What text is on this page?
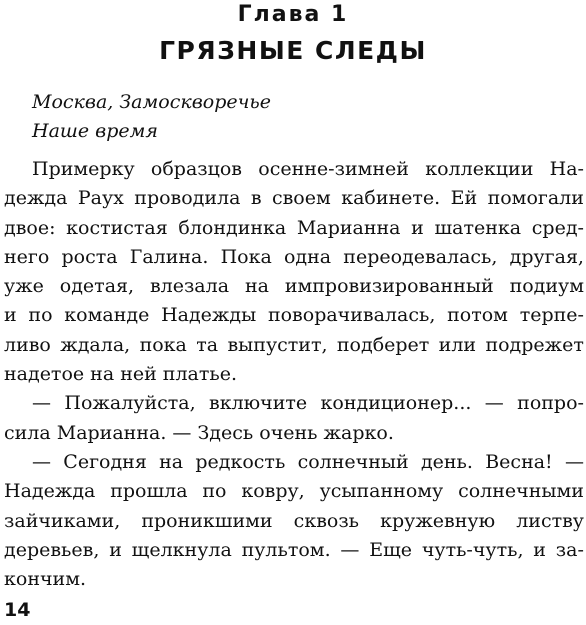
Глава 1
ГРЯЗНЫЕ СЛЕДЫ
Москва, Замоскворечье
Наше время
Примерку образцов осенне-зимней коллекции На-
дежда Раух проводила в своем кабинете. Ей помогали
двое: костистая блондинка Марианна и шатенка сред-
него роста Галина. Пока одна переодевалась, другая,
уже одетая, влезала на импровизированный подиум
и по команде Надежды поворачивалась, потом терпе-
ливо ждала, пока та выпустит, подберет или подрежет
надетое на ней платье.
— Пожалуйста, включите кондиционер... — попро-
сила Марианна. — Здесь очень жарко.
— Сегодня на редкость солнечный день. Весна! —
Надежда прошла по ковру, усыпанному солнечными
зайчиками, проникшими сквозь кружевную листву
деревьев, и щелкнула пультом. — Еще чуть-чуть, и за-
кончим.
14
